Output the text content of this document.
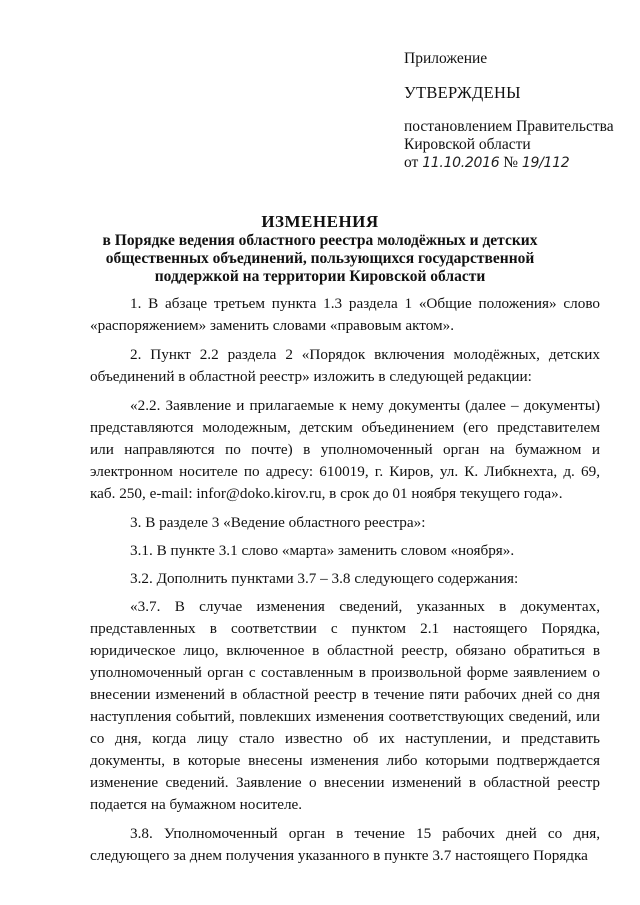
Приложение
УТВЕРЖДЕНЫ
постановлением Правительства
Кировской области
от 11.10.2016 № 19/112
ИЗМЕНЕНИЯ
в Порядке ведения областного реестра молодёжных и детских общественных объединений, пользующихся государственной поддержкой на территории Кировской области

1. В абзаце третьем пункта 1.3 раздела 1 «Общие положения» слово «распоряжением» заменить словами «правовым актом».

2. Пункт 2.2 раздела 2 «Порядок включения молодёжных, детских объединений в областной реестр» изложить в следующей редакции:

«2.2. Заявление и прилагаемые к нему документы (далее – документы) представляются молодежным, детским объединением (его представителем или направляются по почте) в уполномоченный орган на бумажном и электронном носителе по адресу: 610019, г. Киров, ул. К. Либкнехта, д. 69, каб. 250, e-mail: infor@doko.kirov.ru, в срок до 01 ноября текущего года».

3. В разделе 3 «Ведение областного реестра»:

3.1. В пункте 3.1 слово «марта» заменить словом «ноября».

3.2. Дополнить пунктами 3.7 – 3.8 следующего содержания:

«3.7. В случае изменения сведений, указанных в документах, представленных в соответствии с пунктом 2.1 настоящего Порядка, юридическое лицо, включенное в областной реестр, обязано обратиться в уполномоченный орган с составленным в произвольной форме заявлением о внесении изменений в областной реестр в течение пяти рабочих дней со дня наступления событий, повлекших изменения соответствующих сведений, или со дня, когда лицу стало известно об их наступлении, и представить документы, в которые внесены изменения либо которыми подтверждается изменение сведений. Заявление о внесении изменений в областной реестр подается на бумажном носителе.

3.8. Уполномоченный орган в течение 15 рабочих дней со дня, следующего за днем получения указанного в пункте 3.7 настоящего Порядка
